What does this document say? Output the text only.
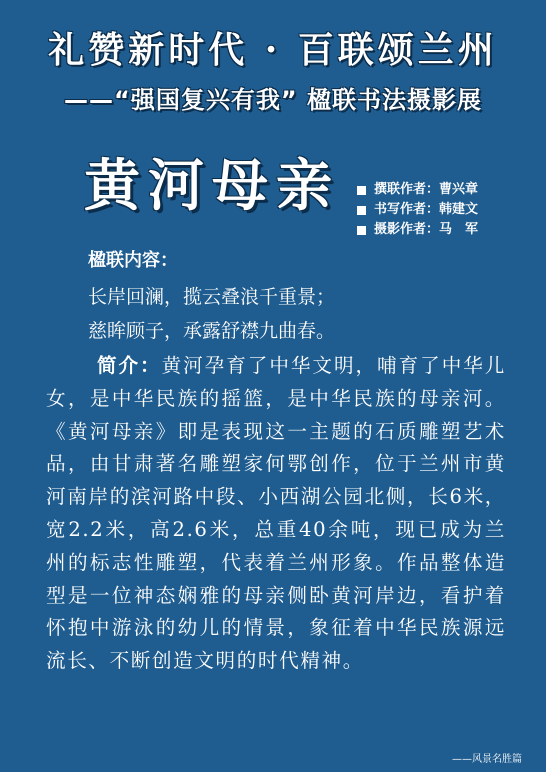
礼赞新时代 · 百联颂兰州
——“强国复兴有我” 楹联书法摄影展
黄河母亲	撰联作者： 曹兴章
书写作者： 韩建文
摄影作者： 马　军
楹联内容：
长岸回澜，揽云叠浪千重景；
慈眸顾子，承露舒襟九曲春。
简介：黄河孕育了中华文明，哺育了中华儿女，是中华民族的摇篮，是中华民族的母亲河。《黄河母亲》即是表现这一主题的石质雕塑艺术品，由甘肃著名雕塑家何鄂创作，位于兰州市黄河南岸的滨河路中段、小西湖公园北侧，长6米，宽2.2米，高2.6米，总重40余吨，现已成为兰州的标志性雕塑，代表着兰州形象。作品整体造型是一位神态娴雅的母亲侧卧黄河岸边，看护着怀抱中游泳的幼儿的情景，象征着中华民族源远流长、不断创造文明的时代精神。
——风景名胜篇
